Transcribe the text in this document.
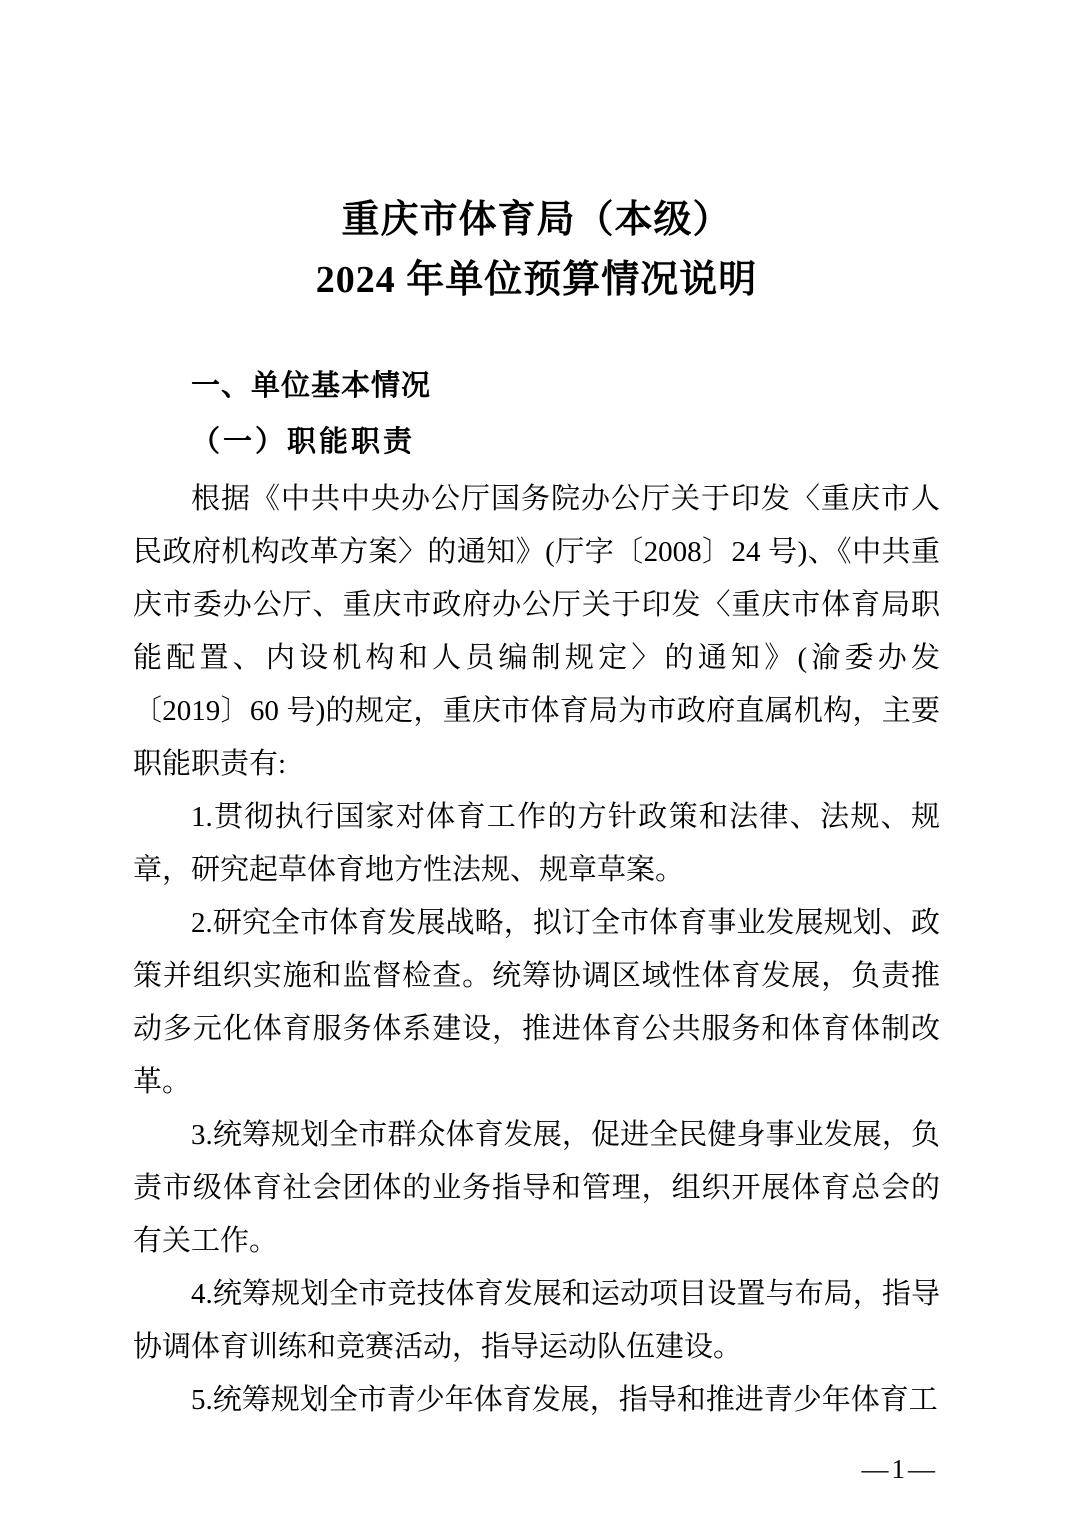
重庆市体育局（本级）
2024 年单位预算情况说明
一、单位基本情况
（一）职能职责

根据《中共中央办公厅国务院办公厅关于印发〈重庆市人民政府机构改革方案〉的通知》(厅字〔2008〕24 号)、《中共重庆市委办公厅、重庆市政府办公厅关于印发〈重庆市体育局职能配置、内设机构和人员编制规定〉的通知》(渝委办发〔2019〕60 号)的规定，重庆市体育局为市政府直属机构，主要职能职责有:

1.贯彻执行国家对体育工作的方针政策和法律、法规、规章，研究起草体育地方性法规、规章草案。

2.研究全市体育发展战略，拟订全市体育事业发展规划、政策并组织实施和监督检查。统筹协调区域性体育发展，负责推动多元化体育服务体系建设，推进体育公共服务和体育体制改革。

3.统筹规划全市群众体育发展，促进全民健身事业发展，负责市级体育社会团体的业务指导和管理，组织开展体育总会的有关工作。

4.统筹规划全市竞技体育发展和运动项目设置与布局，指导协调体育训练和竞赛活动，指导运动队伍建设。

5.统筹规划全市青少年体育发展，指导和推进青少年体育工

—1—
